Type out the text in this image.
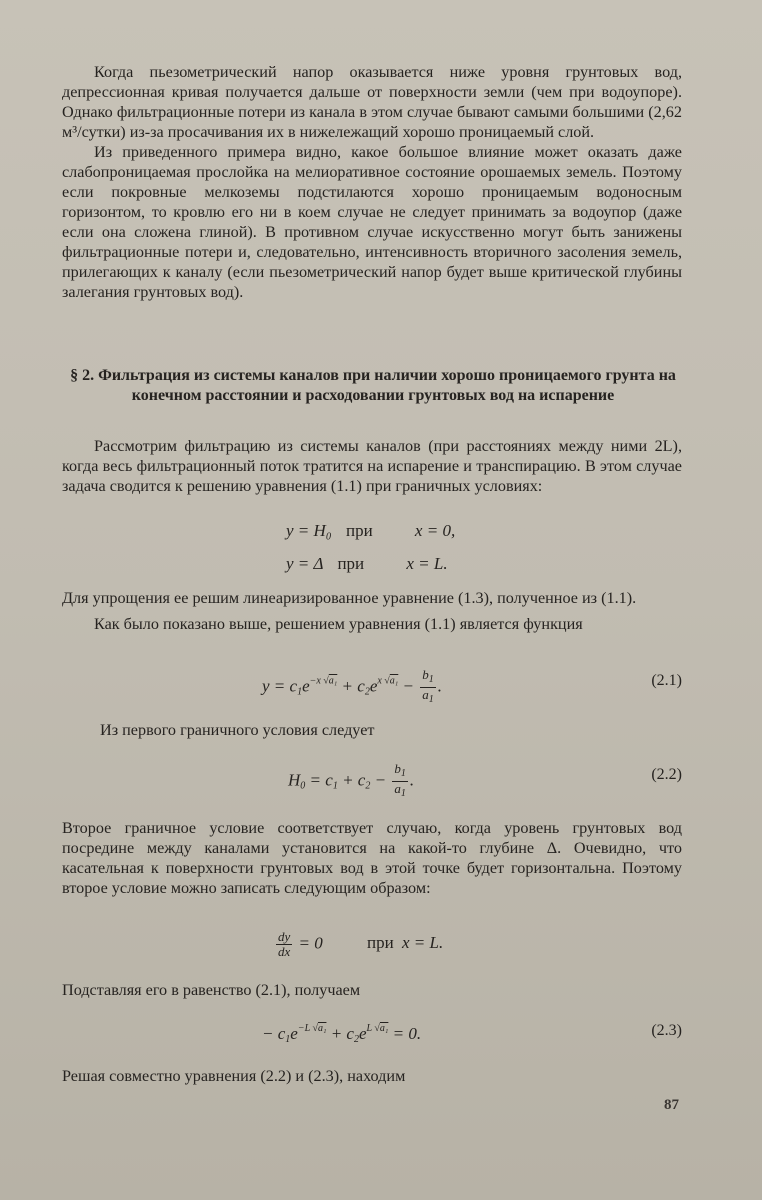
Когда пьезометрический напор оказывается ниже уровня грунтовых вод, депрессионная кривая получается дальше от поверхности земли (чем при водоупоре). Однако фильтрационные потери из канала в этом случае бывают самыми большими (2,62 м³/сутки) из-за просачивания их в нижележащий хорошо проницаемый слой.

Из приведенного примера видно, какое большое влияние может оказать даже слабопроницаемая прослойка на мелиоративное состояние орошаемых земель. Поэтому если покровные мелкоземы подстилаются хорошо проницаемым водоносным горизонтом, то кровлю его ни в коем случае не следует принимать за водоупор (даже если она сложена глиной). В противном случае искусственно могут быть занижены фильтрационные потери и, следовательно, интенсивность вторичного засоления земель, прилегающих к каналу (если пьезометрический напор будет выше критической глубины залегания грунтовых вод).

§ 2. Фильтрация из системы каналов при наличии хорошо проницаемого грунта на конечном расстоянии и расходовании грунтовых вод на испарение

Рассмотрим фильтрацию из системы каналов (при расстояниях между ними 2L), когда весь фильтрационный поток тратится на испарение и транспирацию. В этом случае задача сводится к решению уравнения (1.1) при граничных условиях:

y = H₀ при x = 0,
y = Δ при x = L.

Для упрощения ее решим линеаризированное уравнение (1.3), полученное из (1.1).

Как было показано выше, решением уравнения (1.1) является функция

$y = c_1e^{-x √a_1} + c_2e^{x √a_1} - \frac{b_1}{a_1}$ .	(2.1)

Из первого граничного условия следует

$H_0 = c_1 + c_2 - \frac{b_1}{a_1}$ .	(2.2)

Второе граничное условие соответствует случаю, когда уровень грунтовых вод посредине между каналами установится на какой-то глубине Δ. Очевидно, что касательная к поверхности грунтовых вод в этой точке будет горизонтальна. Поэтому второе условие можно записать следующим образом:

$\frac{dy}{dx} = 0$ при x = L.

Подставляя его в равенство (2.1), получаем

− $c_1e^{-L √a_1} + c_2e^{L √a_1} = 0$.	(2.3)

Решая совместно уравнения (2.2) и (2.3), находим

87
